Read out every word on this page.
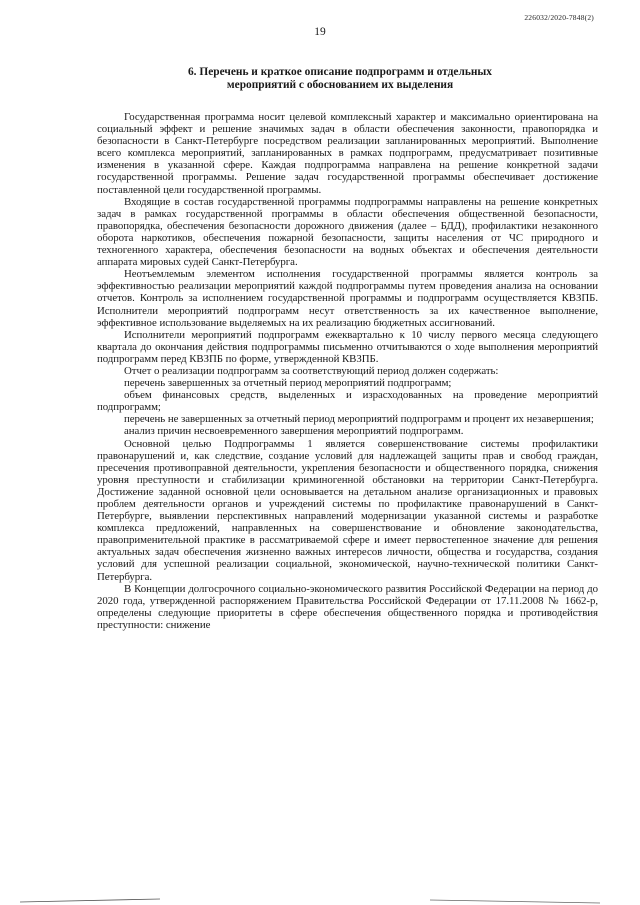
226032/2020-7848(2)
19
6. Перечень и краткое описание подпрограмм и отдельных
мероприятий с обоснованием их выделения

Государственная программа носит целевой комплексный характер и максимально ориентирована на социальный эффект и решение значимых задач в области обеспечения законности, правопорядка и безопасности в Санкт-Петербурге посредством реализации запланированных мероприятий. Выполнение всего комплекса мероприятий, запланированных в рамках подпрограмм, предусматривает позитивные изменения в указанной сфере. Каждая подпрограмма направлена на решение конкретной задачи государственной программы. Решение задач государственной программы обеспечивает достижение поставленной цели государственной программы.

Входящие в состав государственной программы подпрограммы направлены на решение конкретных задач в рамках государственной программы в области обеспечения общественной безопасности, правопорядка, обеспечения безопасности дорожного движения (далее – БДД), профилактики незаконного оборота наркотиков, обеспечения пожарной безопасности, защиты населения от ЧС природного и техногенного характера, обеспечения безопасности на водных объектах и обеспечения деятельности аппарата мировых судей Санкт-Петербурга.

Неотъемлемым элементом исполнения государственной программы является контроль за эффективностью реализации мероприятий каждой подпрограммы путем проведения анализа на основании отчетов. Контроль за исполнением государственной программы и подпрограмм осуществляется КВЗПБ. Исполнители мероприятий подпрограмм несут ответственность за их качественное выполнение, эффективное использование выделяемых на их реализацию бюджетных ассигнований.

Исполнители мероприятий подпрограмм ежеквартально к 10 числу первого месяца следующего квартала до окончания действия подпрограммы письменно отчитываются о ходе выполнения мероприятий подпрограмм перед КВЗПБ по форме, утвержденной КВЗПБ.

Отчет о реализации подпрограмм за соответствующий период должен содержать:

перечень завершенных за отчетный период мероприятий подпрограмм;

объем финансовых средств, выделенных и израсходованных на проведение мероприятий подпрограмм;

перечень не завершенных за отчетный период мероприятий подпрограмм и процент их незавершения;

анализ причин несвоевременного завершения мероприятий подпрограмм.

Основной целью Подпрограммы 1 является совершенствование системы профилактики правонарушений и, как следствие, создание условий для надлежащей защиты прав и свобод граждан, пресечения противоправной деятельности, укрепления безопасности и общественного порядка, снижения уровня преступности и стабилизации криминогенной обстановки на территории Санкт-Петербурга. Достижение заданной основной цели основывается на детальном анализе организационных и правовых проблем деятельности органов и учреждений системы по профилактике правонарушений в Санкт-Петербурге, выявлении перспективных направлений модернизации указанной системы и разработке комплекса предложений, направленных на совершенствование и обновление законодательства, правоприменительной практике в рассматриваемой сфере и имеет первостепенное значение для решения актуальных задач обеспечения жизненно важных интересов личности, общества и государства, создания условий для успешной реализации социальной, экономической, научно-технической политики Санкт-Петербурга.

В Концепции долгосрочного социально-экономического развития Российской Федерации на период до 2020 года, утвержденной распоряжением Правительства Российской Федерации от 17.11.2008 № 1662-р, определены следующие приоритеты в сфере обеспечения общественного порядка и противодействия преступности: снижение
